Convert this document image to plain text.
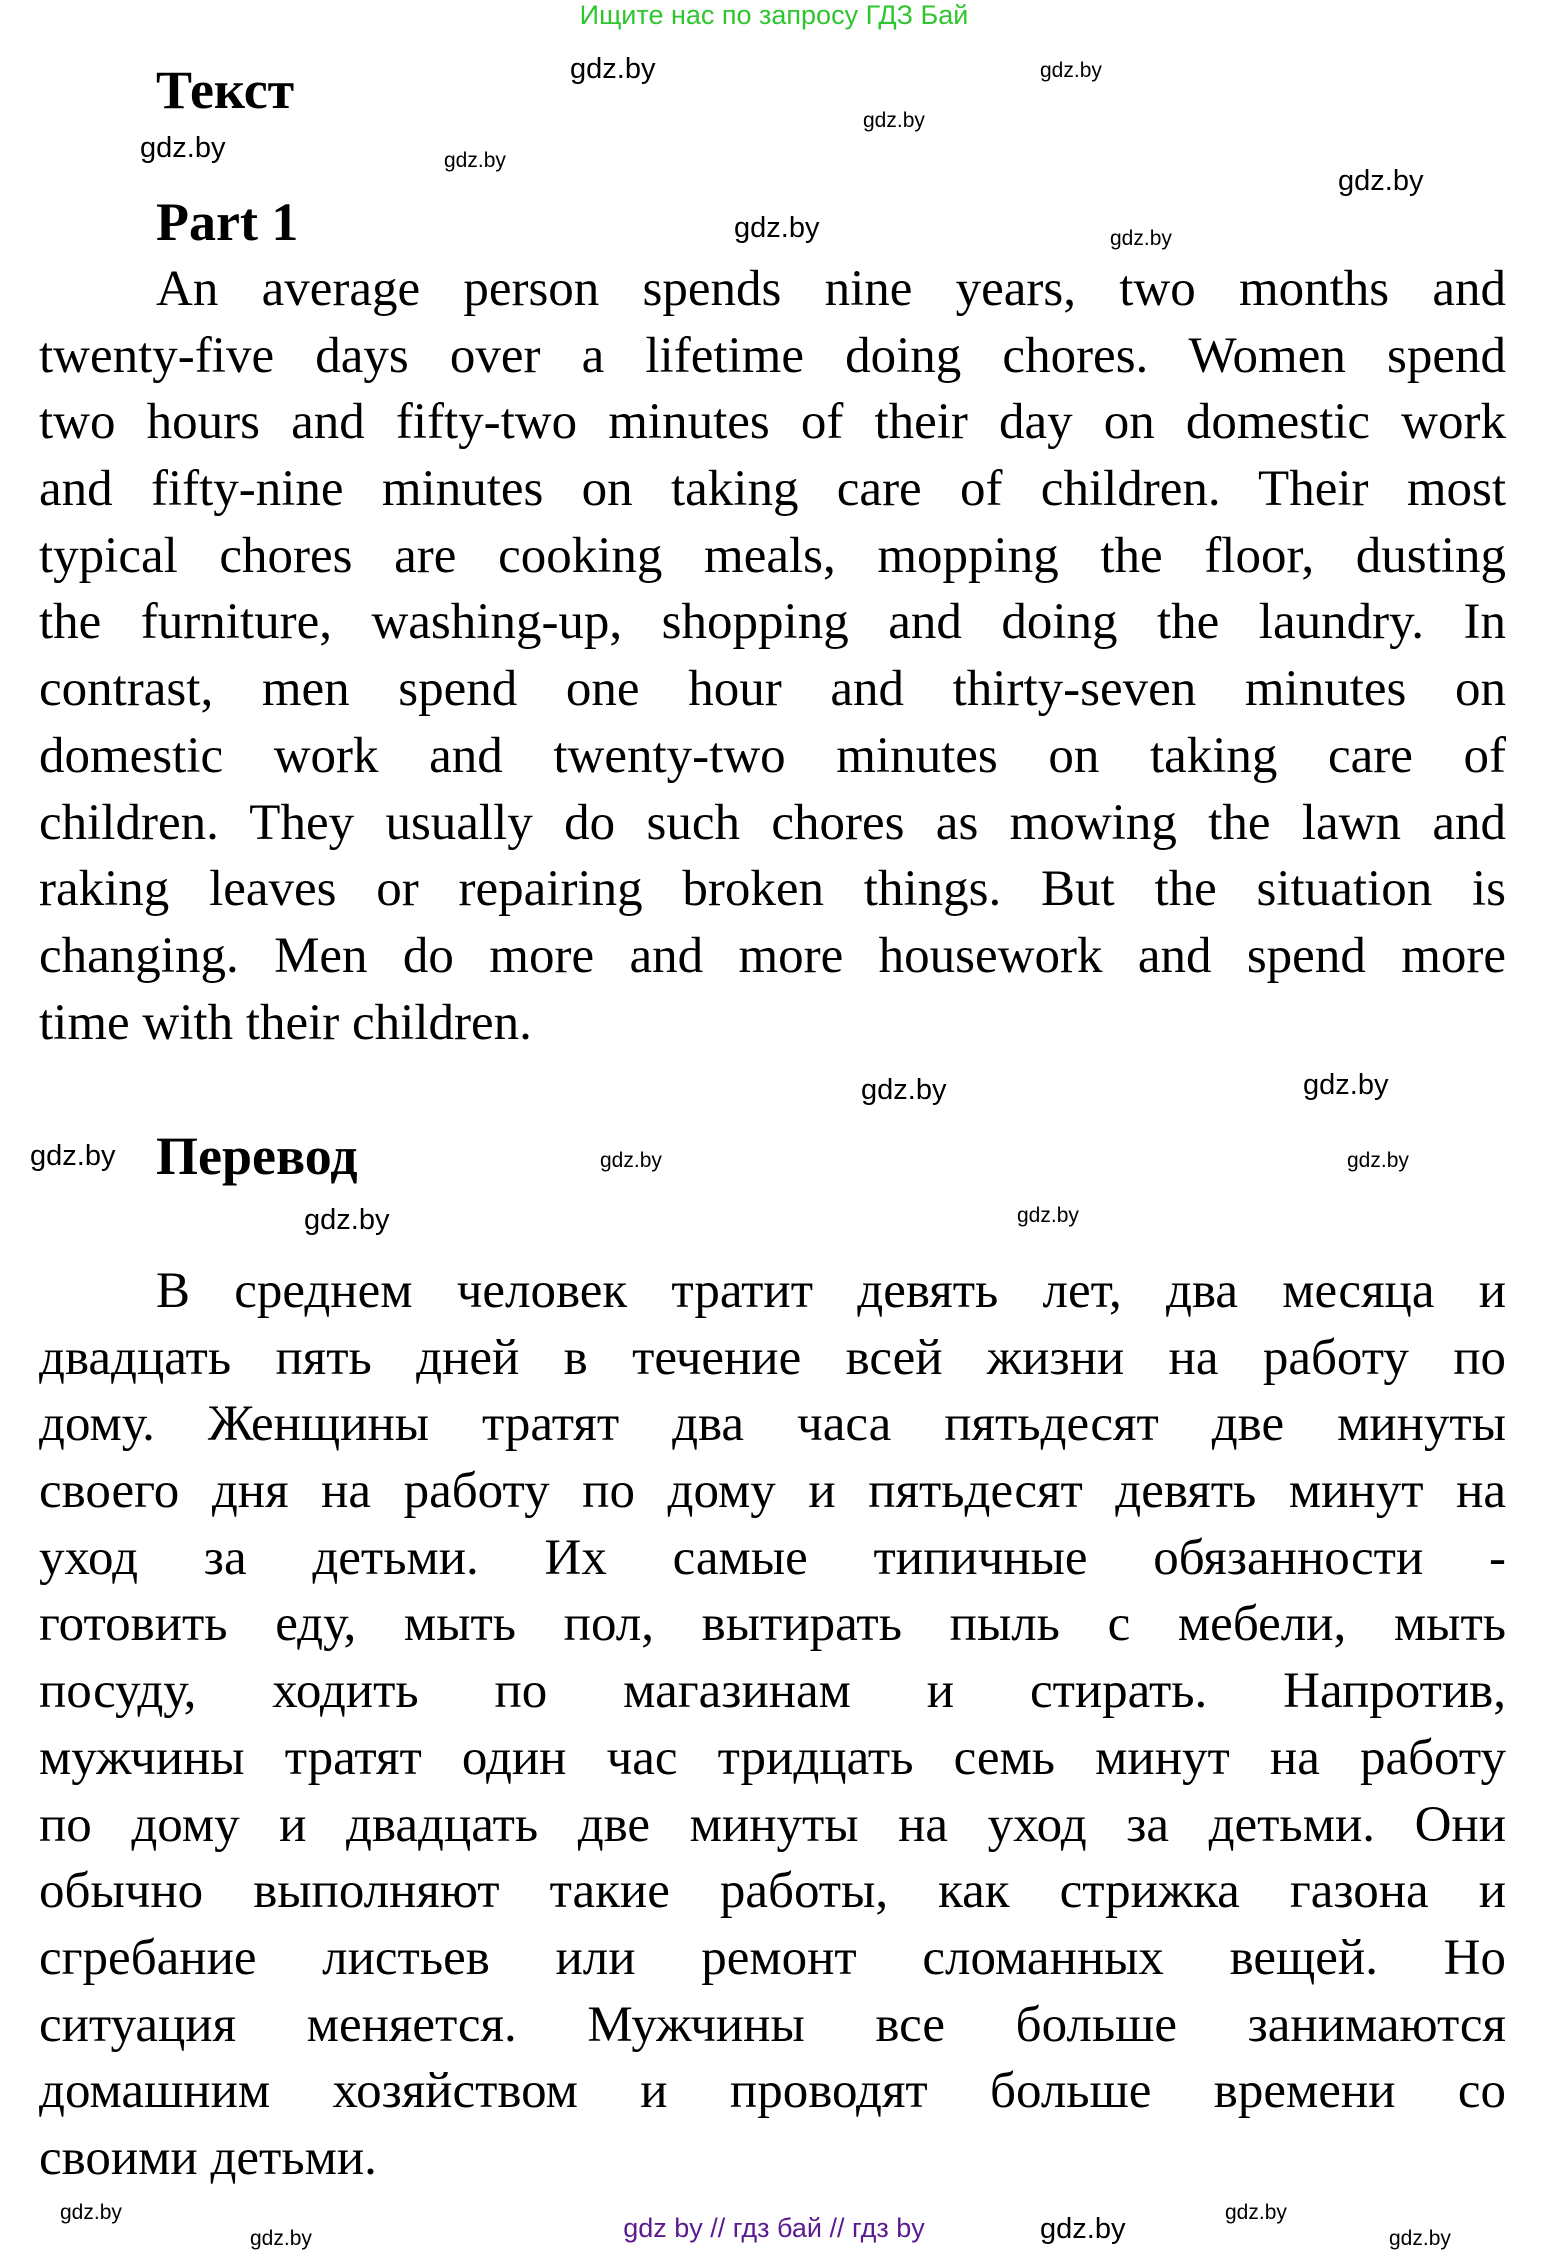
Ищите нас по запросу ГДЗ Бай
Текст
Part 1
An average person spends nine years, two months and
twenty-five days over a lifetime doing chores. Women spend
two hours and fifty-two minutes of their day on domestic work
and fifty-nine minutes on taking care of children. Their most
typical chores are cooking meals, mopping the floor, dusting
the furniture, washing-up, shopping and doing the laundry. In
contrast, men spend one hour and thirty-seven minutes on
domestic work and twenty-two minutes on taking care of
children. They usually do such chores as mowing the lawn and
raking leaves or repairing broken things. But the situation is
changing. Men do more and more housework and spend more
time with their children.
Перевод
В среднем человек тратит девять лет, два месяца и
двадцать пять дней в течение всей жизни на работу по
дому. Женщины тратят два часа пятьдесят две минуты
своего дня на работу по дому и пятьдесят девять минут на
уход за детьми. Их самые типичные обязанности -
готовить еду, мыть пол, вытирать пыль с мебели, мыть
посуду, ходить по магазинам и стирать. Напротив,
мужчины тратят один час тридцать семь минут на работу
по дому и двадцать две минуты на уход за детьми. Они
обычно выполняют такие работы, как стрижка газона и
сгребание листьев или ремонт сломанных вещей. Но
ситуация меняется. Мужчины все больше занимаются
домашним хозяйством и проводят больше времени со
своими детьми.
gdz.by
gdz.by
gdz.by
gdz.by
gdz.by
gdz.by
gdz.by
gdz.by
gdz.by
gdz.by
gdz.by
gdz.by
gdz.by	gdz.by
gdz.by
gdz.by
gdz.by
gdz.by
gdz.by
gdz.by
gdz by // гдз бай // гдз by
